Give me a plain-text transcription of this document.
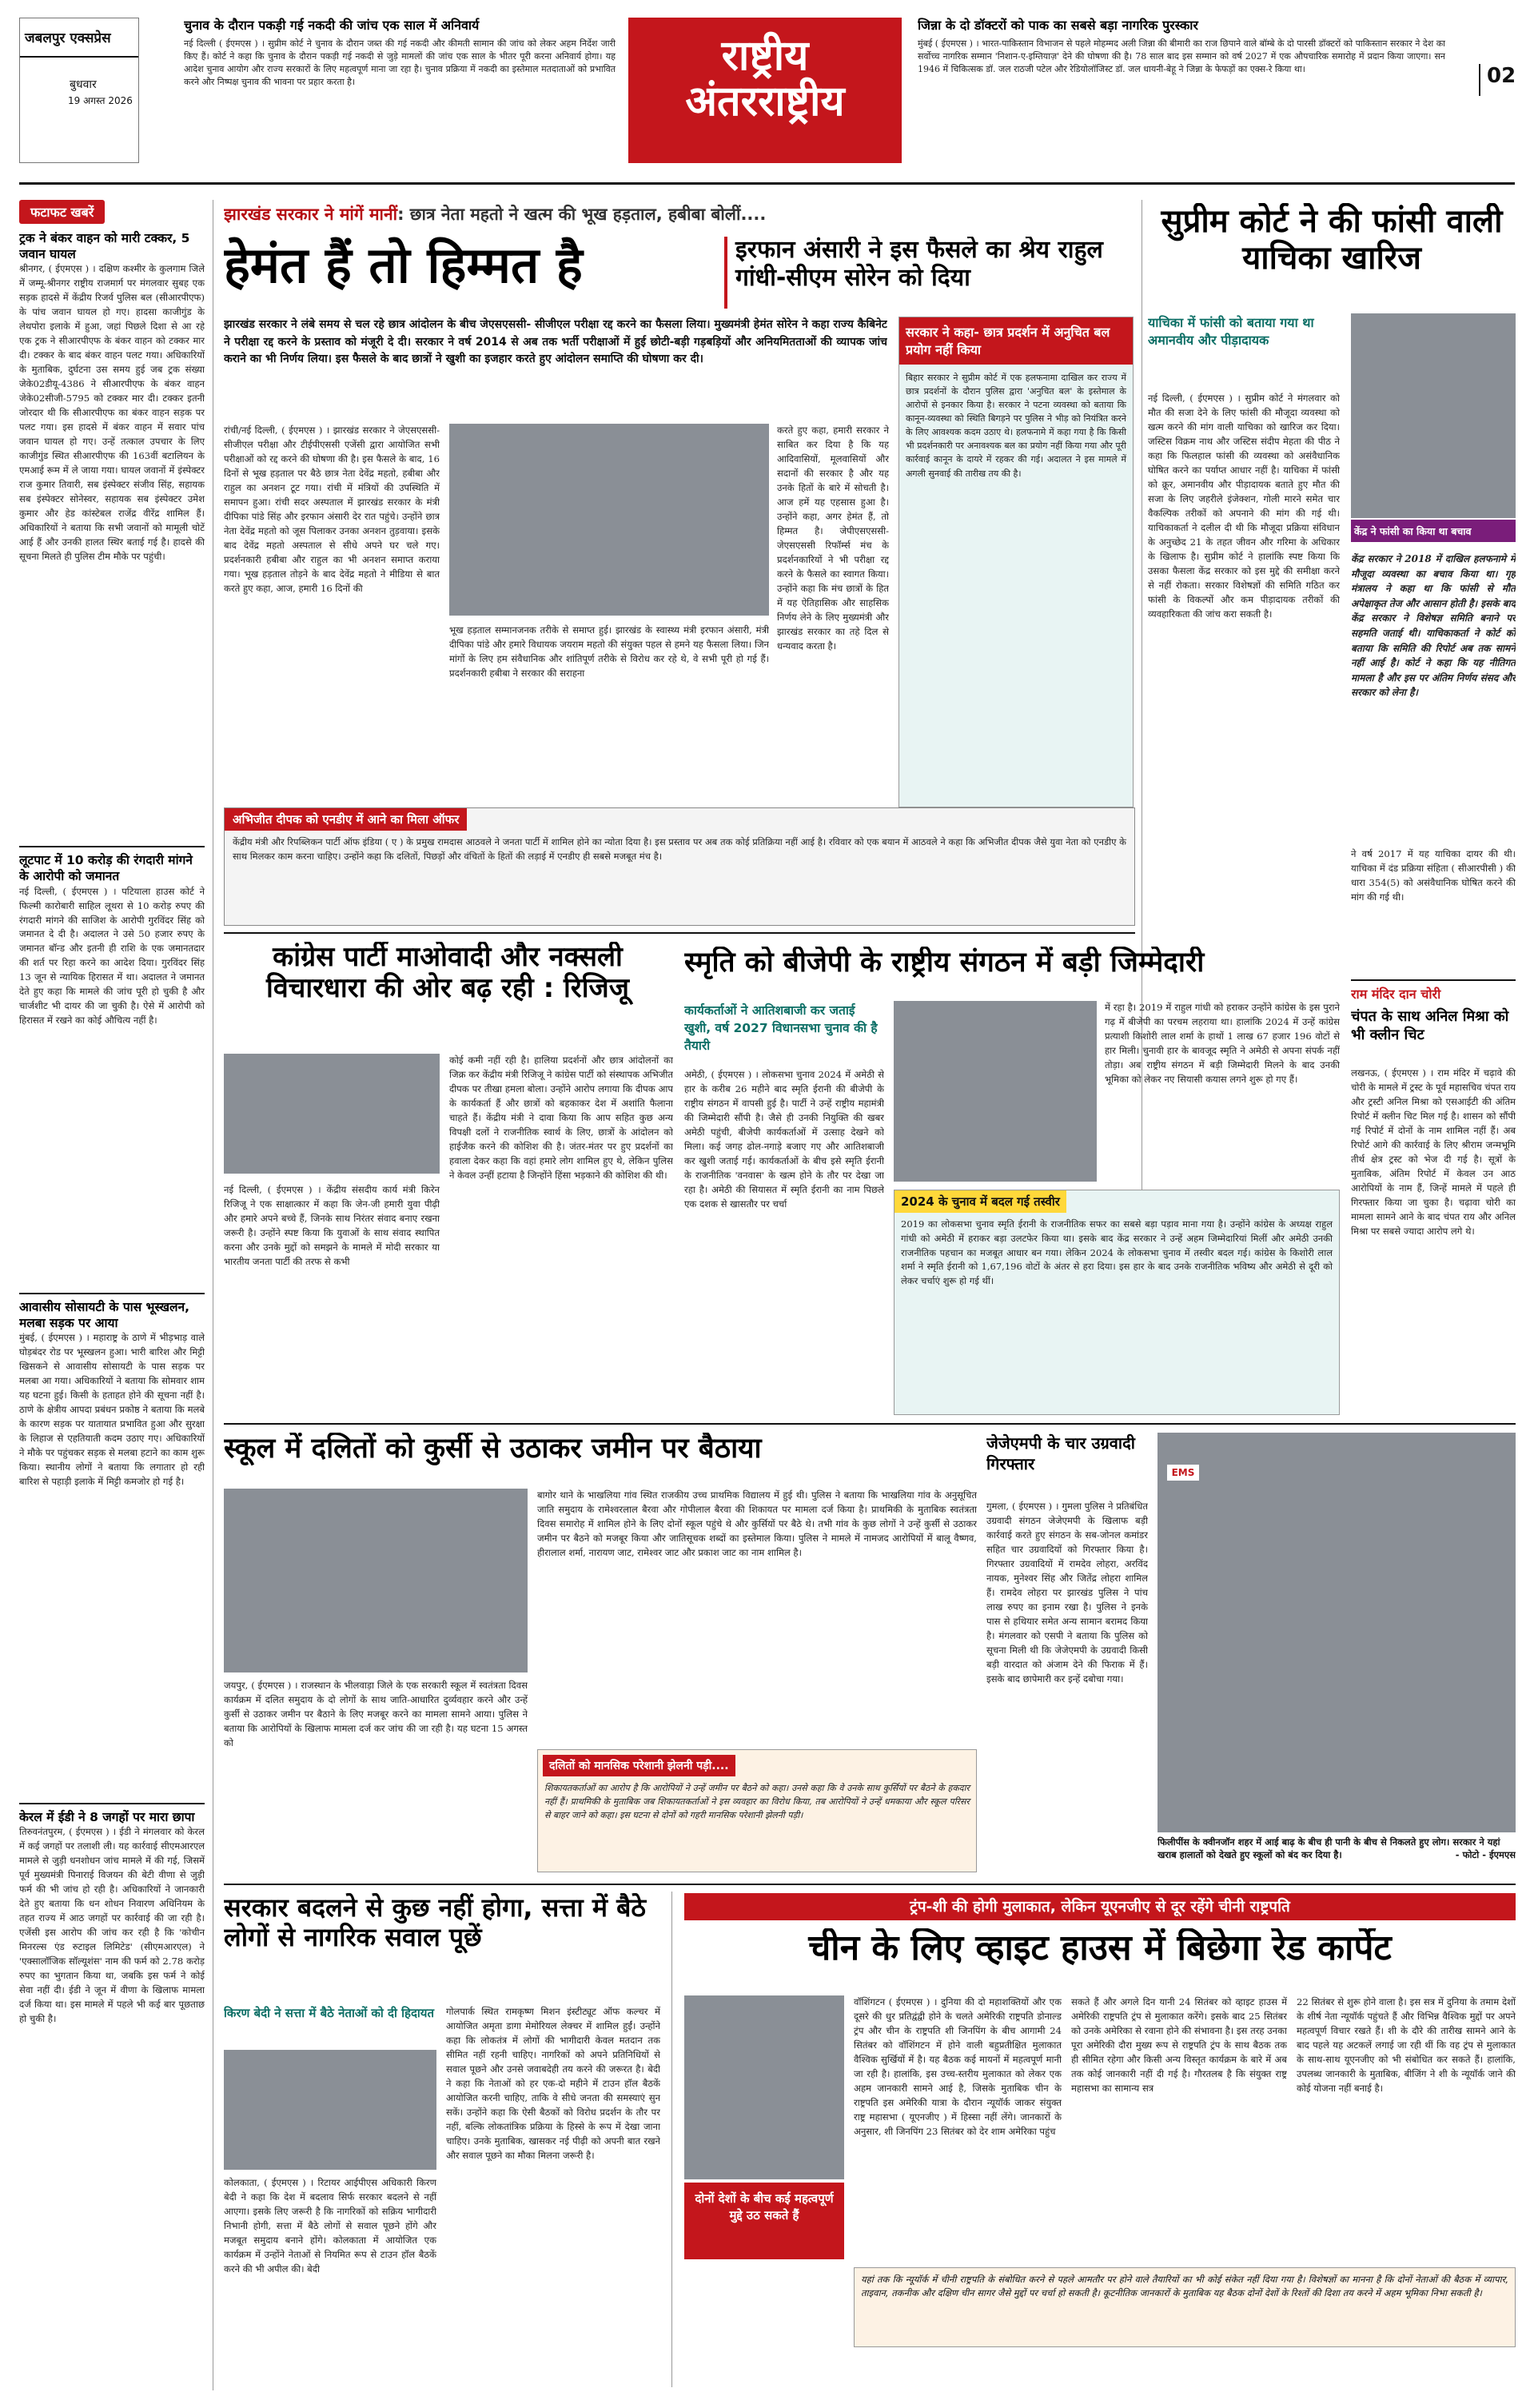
जबलपुर एक्सप्रेस
बुधवार
19 अगस्त 2026
चुनाव के दौरान पकड़ी गई नकदी की जांच एक साल में अनिवार्य
नई दिल्ली ( ईएमएस ) । सुप्रीम कोर्ट ने चुनाव के दौरान जब्त की गई नकदी और कीमती सामान की जांच को लेकर अहम निर्देश जारी किए हैं। कोर्ट ने कहा कि चुनाव के दौरान पकड़ी गई नकदी से जुड़े मामलों की जांच एक साल के भीतर पूरी करना अनिवार्य होगा। यह आदेश चुनाव आयोग और राज्य सरकारों के लिए महत्वपूर्ण माना जा रहा है। चुनाव प्रक्रिया में नकदी का इस्तेमाल मतदाताओं को प्रभावित करने और निष्पक्ष चुनाव की भावना पर प्रहार करता है।
राष्ट्रीय
अंतरराष्ट्रीय
जिन्ना के दो डॉक्टरों को पाक का सबसे बड़ा नागरिक पुरस्कार
मुंबई ( ईएमएस ) । भारत-पाकिस्तान विभाजन से पहले मोहम्मद अली जिन्ना की बीमारी का राज छिपाने वाले बॉम्बे के दो पारसी डॉक्टरों को पाकिस्तान सरकार ने देश का सर्वोच्च नागरिक सम्मान 'निशान-ए-इम्तियाज़' देने की घोषणा की है। 78 साल बाद इस सम्मान को वर्ष 2027 में एक औपचारिक समारोह में प्रदान किया जाएगा। सन 1946 में चिकित्सक डॉ. जल राठजी पटेल और रेडियोलॉजिस्ट डॉ. जल धायनी-बेहू ने जिन्ना के फेफड़ों का एक्स-रे किया था।	02
फटाफट खबरें
ट्रक ने बंकर वाहन को मारी टक्कर, 5 जवान घायल
श्रीनगर, ( ईएमएस ) । दक्षिण कश्मीर के कुलगाम जिले में जम्मू-श्रीनगर राष्ट्रीय राजमार्ग पर मंगलवार सुबह एक सड़क हादसे में केंद्रीय रिजर्व पुलिस बल (सीआरपीएफ) के पांच जवान घायल हो गए। हादसा काजीगुंड के लेथपोरा इलाके में हुआ, जहां पिछले दिशा से आ रहे एक ट्रक ने सीआरपीएफ के बंकर वाहन को टक्कर मार दी। टक्कर के बाद बंकर वाहन पलट गया। अधिकारियों के मुताबिक, दुर्घटना उस समय हुई जब ट्रक संख्या जेके02डीयू-4386 ने सीआरपीएफ के बंकर वाहन जेके02सीजी-5795 को टक्कर मार दी। टक्कर इतनी जोरदार थी कि सीआरपीएफ का बंकर वाहन सड़क पर पलट गया। इस हादसे में बंकर वाहन में सवार पांच जवान घायल हो गए। उन्हें तत्काल उपचार के लिए काजीगुंड स्थित सीआरपीएफ की 163वीं बटालियन के एमआई रूम में ले जाया गया। घायल जवानों में इंस्पेक्टर राज कुमार तिवारी, सब इंस्पेक्टर संजीव सिंह, सहायक सब इंस्पेक्टर सोनेस्वर, सहायक सब इंस्पेक्टर उमेश कुमार और हेड कांस्टेबल राजेंद्र वीरेंद्र शामिल हैं। अधिकारियों ने बताया कि सभी जवानों को मामूली चोटें आई हैं और उनकी हालत स्थिर बताई गई है। हादसे की सूचना मिलते ही पुलिस टीम मौके पर पहुंची।
लूटपाट में 10 करोड़ की रंगदारी मांगने के आरोपी को जमानत
नई दिल्ली, ( ईएमएस ) । पटियाला हाउस कोर्ट ने फिल्मी कारोबारी साहिल लूथरा से 10 करोड़ रुपए की रंगदारी मांगने की साजिश के आरोपी गुरविंदर सिंह को जमानत दे दी है। अदालत ने उसे 50 हजार रुपए के जमानत बॉन्ड और इतनी ही राशि के एक जमानतदार की शर्त पर रिहा करने का आदेश दिया। गुरविंदर सिंह 13 जून से न्यायिक हिरासत में था। अदालत ने जमानत देते हुए कहा कि मामले की जांच पूरी हो चुकी है और चार्जशीट भी दायर की जा चुकी है। ऐसे में आरोपी को हिरासत में रखने का कोई औचित्य नहीं है।
आवासीय सोसायटी के पास भूस्खलन, मलबा सड़क पर आया
मुंबई, ( ईएमएस ) । महाराष्ट्र के ठाणे में भीड़भाड़ वाले घोड़बंदर रोड पर भूस्खलन हुआ। भारी बारिश और मिट्टी खिसकने से आवासीय सोसायटी के पास सड़क पर मलबा आ गया। अधिकारियों ने बताया कि सोमवार शाम यह घटना हुई। किसी के हताहत होने की सूचना नहीं है। ठाणे के क्षेत्रीय आपदा प्रबंधन प्रकोष्ठ ने बताया कि मलबे के कारण सड़क पर यातायात प्रभावित हुआ और सुरक्षा के लिहाज से एहतियाती कदम उठाए गए। अधिकारियों ने मौके पर पहुंचकर सड़क से मलबा हटाने का काम शुरू किया। स्थानीय लोगों ने बताया कि लगातार हो रही बारिश से पहाड़ी इलाके में मिट्टी कमजोर हो गई है।
केरल में ईडी ने 8 जगहों पर मारा छापा
तिरुवनंतपुरम, ( ईएमएस ) । ईडी ने मंगलवार को केरल में कई जगहों पर तलाशी ली। यह कार्रवाई सीएमआरएल मामले से जुड़ी धनशोधन जांच मामले में की गई, जिसमें पूर्व मुख्यमंत्री पिनाराई विजयन की बेटी वीणा से जुड़ी फर्म की भी जांच हो रही है। अधिकारियों ने जानकारी देते हुए बताया कि धन शोधन निवारण अधिनियम के तहत राज्य में आठ जगहों पर कार्रवाई की जा रही है। एजेंसी इस आरोप की जांच कर रही है कि 'कोचीन मिनरल्स एंड रुटाइल लिमिटेड' (सीएमआरएल) ने 'एक्सालॉजिक सॉल्यूशंस' नाम की फर्म को 2.78 करोड़ रुपए का भुगतान किया था, जबकि इस फर्म ने कोई सेवा नहीं दी। ईडी ने जून में वीणा के खिलाफ मामला दर्ज किया था। इस मामले में पहले भी कई बार पूछताछ हो चुकी है।
झारखंड सरकार ने मांगें मानीं: छात्र नेता महतो ने खत्म की भूख हड़ताल, हबीबा बोलीं....
हेमंत हैं तो हिम्मत है	इरफान अंसारी ने इस फैसले का श्रेय राहुल गांधी-सीएम सोरेन को दिया
झारखंड सरकार ने लंबे समय से चल रहे छात्र आंदोलन के बीच जेएसएससी- सीजीएल परीक्षा रद्द करने का फैसला लिया। मुख्यमंत्री हेमंत सोरेन ने कहा राज्य कैबिनेट ने परीक्षा रद्द करने के प्रस्ताव को मंजूरी दे दी। सरकार ने वर्ष 2014 से अब तक भर्ती परीक्षाओं में हुई छोटी-बड़ी गड़बड़ियों और अनियमितताओं की व्यापक जांच कराने का भी निर्णय लिया। इस फैसले के बाद छात्रों ने खुशी का इजहार करते हुए आंदोलन समाप्ति की घोषणा कर दी।
रांची/नई दिल्ली, ( ईएमएस ) । झारखंड सरकार ने जेएसएससी- सीजीएल परीक्षा और टीईपीएससी एजेंसी द्वारा आयोजित सभी परीक्षाओं को रद्द करने की घोषणा की है। इस फैसले के बाद, 16 दिनों से भूख हड़ताल पर बैठे छात्र नेता देवेंद्र महतो, हबीबा और राहुल का अनशन टूट गया। रांची में मंत्रियों की उपस्थिति में समापन हुआ। रांची सदर अस्पताल में झारखंड सरकार के मंत्री दीपिका पांडे सिंह और इरफान अंसारी देर रात पहुंचे। उन्होंने छात्र नेता देवेंद्र महतो को जूस पिलाकर उनका अनशन तुड़वाया। इसके बाद देवेंद्र महतो अस्पताल से सीधे अपने घर चले गए। प्रदर्शनकारी हबीबा और राहुल का भी अनशन समाप्त कराया गया। भूख हड़ताल तोड़ने के बाद देवेंद्र महतो ने मीडिया से बात करते हुए कहा, आज, हमारी 16 दिनों की
भूख हड़ताल सम्मानजनक तरीके से समाप्त हुई। झारखंड के स्वास्थ्य मंत्री इरफान अंसारी, मंत्री दीपिका पांडे और हमारे विधायक जयराम महतो की संयुक्त पहल से हमने यह फैसला लिया। जिन मांगों के लिए हम संवैधानिक और शांतिपूर्ण तरीके से विरोध कर रहे थे, वे सभी पूरी हो गई हैं। प्रदर्शनकारी हबीबा ने सरकार की सराहना
करते हुए कहा, हमारी सरकार ने साबित कर दिया है कि यह आदिवासियों, मूलवासियों और सदानों की सरकार है और यह उनके हितों के बारे में सोचती है। आज हमें यह एहसास हुआ है। उन्होंने कहा, अगर हेमंत हैं, तो हिम्मत है। जेपीएसएससी-जेएसएससी रिफॉर्म्स मंच के प्रदर्शनकारियों ने भी परीक्षा रद्द करने के फैसले का स्वागत किया। उन्होंने कहा कि मंच छात्रों के हित में यह ऐतिहासिक और साहसिक निर्णय लेने के लिए मुख्यमंत्री और झारखंड सरकार का तहे दिल से धन्यवाद करता है।
सरकार ने कहा- छात्र प्रदर्शन में अनुचित बल प्रयोग नहीं किया
बिहार सरकार ने सुप्रीम कोर्ट में एक हलफनामा दाखिल कर राज्य में छात्र प्रदर्शनों के दौरान पुलिस द्वारा 'अनुचित बल' के इस्तेमाल के आरोपों से इनकार किया है। सरकार ने पटना व्यवस्था को बताया कि कानून-व्यवस्था को स्थिति बिगड़ने पर पुलिस ने भीड़ को नियंत्रित करने के लिए आवश्यक कदम उठाए थे। हलफनामे में कहा गया है कि किसी भी प्रदर्शनकारी पर अनावश्यक बल का प्रयोग नहीं किया गया और पूरी कार्रवाई कानून के दायरे में रहकर की गई। अदालत ने इस मामले में अगली सुनवाई की तारीख तय की है।
अभिजीत दीपक को एनडीए में आने का मिला ऑफर
केंद्रीय मंत्री और रिपब्लिकन पार्टी ऑफ इंडिया ( ए ) के प्रमुख रामदास आठवले ने जनता पार्टी में शामिल होने का न्योता दिया है। इस प्रस्ताव पर अब तक कोई प्रतिक्रिया नहीं आई है। रविवार को एक बयान में आठवले ने कहा कि अभिजीत दीपक जैसे युवा नेता को एनडीए के साथ मिलकर काम करना चाहिए। उन्होंने कहा कि दलितों, पिछड़ों और वंचितों के हितों की लड़ाई में एनडीए ही सबसे मजबूत मंच है।
सुप्रीम कोर्ट ने की फांसी वाली याचिका खारिज
याचिका में फांसी को बताया गया था अमानवीय और पीड़ादायक
नई दिल्ली, ( ईएमएस ) । सुप्रीम कोर्ट ने मंगलवार को मौत की सजा देने के लिए फांसी की मौजूदा व्यवस्था को खत्म करने की मांग वाली याचिका को खारिज कर दिया। जस्टिस विक्रम नाथ और जस्टिस संदीप मेहता की पीठ ने कहा कि फिलहाल फांसी की व्यवस्था को असंवैधानिक घोषित करने का पर्याप्त आधार नहीं है। याचिका में फांसी को क्रूर, अमानवीय और पीड़ादायक बताते हुए मौत की सजा के लिए जहरीले इंजेक्शन, गोली मारने समेत चार वैकल्पिक तरीकों को अपनाने की मांग की गई थी। याचिकाकर्ता ने दलील दी थी कि मौजूदा प्रक्रिया संविधान के अनुच्छेद 21 के तहत जीवन और गरिमा के अधिकार के खिलाफ है। सुप्रीम कोर्ट ने हालांकि स्पष्ट किया कि उसका फैसला केंद्र सरकार को इस मुद्दे की समीक्षा करने से नहीं रोकता। सरकार विशेषज्ञों की समिति गठित कर फांसी के विकल्पों और कम पीड़ादायक तरीकों की व्यवहारिकता की जांच करा सकती है।
केंद्र ने फांसी का किया था बचाव
केंद्र सरकार ने 2018 में दाखिल हलफनामे में मौजूदा व्यवस्था का बचाव किया था। गृह मंत्रालय ने कहा था कि फांसी से मौत अपेक्षाकृत तेज और आसान होती है। इसके बाद केंद्र सरकार ने विशेषज्ञ समिति बनाने पर सहमति जताई थी। याचिकाकर्ता ने कोर्ट को बताया कि समिति की रिपोर्ट अब तक सामने नहीं आई है। कोर्ट ने कहा कि यह नीतिगत मामला है और इस पर अंतिम निर्णय संसद और सरकार को लेना है।
ने वर्ष 2017 में यह याचिका दायर की थी। याचिका में दंड प्रक्रिया संहिता ( सीआरपीसी ) की धारा 354(5) को असंवैधानिक घोषित करने की मांग की गई थी।
राम मंदिर दान चोरी
चंपत के साथ अनिल मिश्रा को भी क्लीन चिट
लखनऊ, ( ईएमएस ) । राम मंदिर में चढ़ावे की चोरी के मामले में ट्रस्ट के पूर्व महासचिव चंपत राय और ट्रस्टी अनिल मिश्रा को एसआईटी की अंतिम रिपोर्ट में क्लीन चिट मिल गई है। शासन को सौंपी गई रिपोर्ट में दोनों के नाम शामिल नहीं हैं। अब रिपोर्ट आगे की कार्रवाई के लिए श्रीराम जन्मभूमि तीर्थ क्षेत्र ट्रस्ट को भेज दी गई है। सूत्रों के मुताबिक, अंतिम रिपोर्ट में केवल उन आठ आरोपियों के नाम हैं, जिन्हें मामले में पहले ही गिरफ्तार किया जा चुका है। चढ़ावा चोरी का मामला सामने आने के बाद चंपत राय और अनिल मिश्रा पर सबसे ज्यादा आरोप लगे थे।
कांग्रेस पार्टी माओवादी और नक्सली विचारधारा की ओर बढ़ रही : रिजिजू
नई दिल्ली, ( ईएमएस ) । केंद्रीय संसदीय कार्य मंत्री किरेन रिजिजू ने एक साक्षात्कार में कहा कि जेन-जी हमारी युवा पीढ़ी और हमारे अपने बच्चे हैं, जिनके साथ निरंतर संवाद बनाए रखना जरूरी है। उन्होंने स्पष्ट किया कि युवाओं के साथ संवाद स्थापित करना और उनके मुद्दों को समझने के मामले में मोदी सरकार या भारतीय जनता पार्टी की तरफ से कभी
कोई कमी नहीं रही है। हालिया प्रदर्शनों और छात्र आंदोलनों का जिक्र कर केंद्रीय मंत्री रिजिजू ने कांग्रेस पार्टी को संस्थापक अभिजीत दीपक पर तीखा हमला बोला। उन्होंने आरोप लगाया कि दीपक आप के कार्यकर्ता हैं और छात्रों को बहकाकर देश में अशांति फैलाना चाहते हैं। केंद्रीय मंत्री ने दावा किया कि आप सहित कुछ अन्य विपक्षी दलों ने राजनीतिक स्वार्थ के लिए, छात्रों के आंदोलन को हाईजैक करने की कोशिश की है। जंतर-मंतर पर हुए प्रदर्शनों का हवाला देकर कहा कि वहां हमारे लोग शामिल हुए थे, लेकिन पुलिस ने केवल उन्हीं हटाया है जिन्होंने हिंसा भड़काने की कोशिश की थी।
स्मृति को बीजेपी के राष्ट्रीय संगठन में बड़ी जिम्मेदारी
कार्यकर्ताओं ने आतिशबाजी कर जताई खुशी, वर्ष 2027 विधानसभा चुनाव की है तैयारी
अमेठी, ( ईएमएस ) । लोकसभा चुनाव 2024 में अमेठी से हार के करीब 26 महीने बाद स्मृति ईरानी की बीजेपी के राष्ट्रीय संगठन में वापसी हुई है। पार्टी ने उन्हें राष्ट्रीय महामंत्री की जिम्मेदारी सौंपी है। जैसे ही उनकी नियुक्ति की खबर अमेठी पहुंची, बीजेपी कार्यकर्ताओं में उत्साह देखने को मिला। कई जगह ढोल-नगाड़े बजाए गए और आतिशबाजी कर खुशी जताई गई। कार्यकर्ताओं के बीच इसे स्मृति ईरानी के राजनीतिक 'वनवास' के खत्म होने के तौर पर देखा जा रहा है। अमेठी की सियासत में स्मृति ईरानी का नाम पिछले एक दशक से खासतौर पर चर्चा
में रहा है। 2019 में राहुल गांधी को हराकर उन्होंने कांग्रेस के इस पुराने गढ़ में बीजेपी का परचम लहराया था। हालांकि 2024 में उन्हें कांग्रेस प्रत्याशी किशोरी लाल शर्मा के हाथों 1 लाख 67 हजार 196 वोटों से हार मिली। चुनावी हार के बावजूद स्मृति ने अमेठी से अपना संपर्क नहीं तोड़ा। अब राष्ट्रीय संगठन में बड़ी जिम्मेदारी मिलने के बाद उनकी भूमिका को लेकर नए सियासी कयास लगने शुरू हो गए हैं।
2024 के चुनाव में बदल गई तस्वीर
2019 का लोकसभा चुनाव स्मृति ईरानी के राजनीतिक सफर का सबसे बड़ा पड़ाव माना गया है। उन्होंने कांग्रेस के अध्यक्ष राहुल गांधी को अमेठी में हराकर बड़ा उलटफेर किया था। इसके बाद केंद्र सरकार ने उन्हें अहम जिम्मेदारियां मिलीं और अमेठी उनकी राजनीतिक पहचान का मजबूत आधार बन गया। लेकिन 2024 के लोकसभा चुनाव में तस्वीर बदल गई। कांग्रेस के किशोरी लाल शर्मा ने स्मृति ईरानी को 1,67,196 वोटों के अंतर से हरा दिया। इस हार के बाद उनके राजनीतिक भविष्य और अमेठी से दूरी को लेकर चर्चाएं शुरू हो गई थीं।
स्कूल में दलितों को कुर्सी से उठाकर जमीन पर बैठाया
जयपुर, ( ईएमएस ) । राजस्थान के भीलवाड़ा जिले के एक सरकारी स्कूल में स्वतंत्रता दिवस कार्यक्रम में दलित समुदाय के दो लोगों के साथ जाति-आधारित दुर्व्यवहार करने और उन्हें कुर्सी से उठाकर जमीन पर बैठाने के लिए मजबूर करने का मामला सामने आया। पुलिस ने बताया कि आरोपियों के खिलाफ मामला दर्ज कर जांच की जा रही है। यह घटना 15 अगस्त को
बागोर थाने के भाखलिया गांव स्थित राजकीय उच्च प्राथमिक विद्यालय में हुई थी। पुलिस ने बताया कि भाखलिया गांव के अनुसूचित जाति समुदाय के रामेश्वरलाल बैरवा और गोपीलाल बैरवा की शिकायत पर मामला दर्ज किया है। प्राथमिकी के मुताबिक स्वतंत्रता दिवस समारोह में शामिल होने के लिए दोनों स्कूल पहुंचे थे और कुर्सियों पर बैठे थे। तभी गांव के कुछ लोगों ने उन्हें कुर्सी से उठाकर जमीन पर बैठने को मजबूर किया और जातिसूचक शब्दों का इस्तेमाल किया। पुलिस ने मामले में नामजद आरोपियों में बालू वैष्णव, हीरालाल शर्मा, नारायण जाट, रामेश्वर जाट और प्रकाश जाट का नाम शामिल है।
दलितों को मानसिक परेशानी झेलनी पड़ी....
शिकायतकर्ताओं का आरोप है कि आरोपियों ने उन्हें जमीन पर बैठने को कहा। उनसे कहा कि वे उनके साथ कुर्सियों पर बैठने के हकदार नहीं हैं। प्राथमिकी के मुताबिक जब शिकायतकर्ताओं ने इस व्यवहार का विरोध किया, तब आरोपियों ने उन्हें धमकाया और स्कूल परिसर से बाहर जाने को कहा। इस घटना से दोनों को गहरी मानसिक परेशानी झेलनी पड़ी।
जेजेएमपी के चार उग्रवादी गिरफ्तार
गुमला, ( ईएमएस ) । गुमला पुलिस ने प्रतिबंधित उग्रवादी संगठन जेजेएमपी के खिलाफ बड़ी कार्रवाई करते हुए संगठन के सब-जोनल कमांडर सहित चार उग्रवादियों को गिरफ्तार किया है। गिरफ्तार उग्रवादियों में रामदेव लोहरा, अरविंद नायक, मुनेश्वर सिंह और जितेंद्र लोहरा शामिल हैं। रामदेव लोहरा पर झारखंड पुलिस ने पांच लाख रुपए का इनाम रखा है। पुलिस ने इनके पास से हथियार समेत अन्य सामान बरामद किया है। मंगलवार को एसपी ने बताया कि पुलिस को सूचना मिली थी कि जेजेएमपी के उग्रवादी किसी बड़ी वारदात को अंजाम देने की फिराक में हैं। इसके बाद छापेमारी कर इन्हें दबोचा गया।
EMS
फिलीपींस के क्वीनजॉन शहर में आई बाढ़ के बीच ही पानी के बीच से निकलते हुए लोग। सरकार ने यहां खराब हालातों को देखते हुए स्कूलों को बंद कर दिया है।	- फोटो - ईएमएस
सरकार बदलने से कुछ नहीं होगा, सत्ता में बैठे लोगों से नागरिक सवाल पूछें
किरण बेदी ने सत्ता में बैठे नेताओं को दी हिदायत
कोलकाता, ( ईएमएस ) । रिटायर आईपीएस अधिकारी किरण बेदी ने कहा कि देश में बदलाव सिर्फ सरकार बदलने से नहीं आएगा। इसके लिए जरूरी है कि नागरिकों को सक्रिय भागीदारी निभानी होगी, सत्ता में बैठे लोगों से सवाल पूछने होंगे और मजबूत समुदाय बनाने होंगे। कोलकाता में आयोजित एक कार्यक्रम में उन्होंने नेताओं से नियमित रूप से टाउन हॉल बैठकें करने की भी अपील की। बेदी
गोलपार्क स्थित रामकृष्ण मिशन इंस्टीट्यूट ऑफ कल्चर में आयोजित अमृता डागा मेमोरियल लेक्चर में शामिल हुईं। उन्होंने कहा कि लोकतंत्र में लोगों की भागीदारी केवल मतदान तक सीमित नहीं रहनी चाहिए। नागरिकों को अपने प्रतिनिधियों से सवाल पूछने और उनसे जवाबदेही तय करने की जरूरत है। बेदी ने कहा कि नेताओं को हर एक-दो महीने में टाउन हॉल बैठकें आयोजित करनी चाहिए, ताकि वे सीधे जनता की समस्याएं सुन सकें। उन्होंने कहा कि ऐसी बैठकों को विरोध प्रदर्शन के तौर पर नहीं, बल्कि लोकतांत्रिक प्रक्रिया के हिस्से के रूप में देखा जाना चाहिए। उनके मुताबिक, खासकर नई पीढ़ी को अपनी बात रखने और सवाल पूछने का मौका मिलना जरूरी है।
ट्रंप-शी की होगी मुलाकात, लेकिन यूएनजीए से दूर रहेंगे चीनी राष्ट्रपति
चीन के लिए व्हाइट हाउस में बिछेगा रेड कार्पेट
दोनों देशों के बीच कई महत्वपूर्ण मुद्दे उठ सकते हैं
वॉशिंगटन ( ईएमएस ) । दुनिया की दो महाशक्तियों और एक दूसरे की धुर प्रतिद्वंद्वी होने के चलते अमेरिकी राष्ट्रपति डोनाल्ड ट्रंप और चीन के राष्ट्रपति शी जिनपिंग के बीच आगामी 24 सितंबर को वॉशिंगटन में होने वाली बहुप्रतीक्षित मुलाकात वैश्विक सुर्खियों में है। यह बैठक कई मायनों में महत्वपूर्ण मानी जा रही है। हालांकि, इस उच्च-स्तरीय मुलाकात को लेकर एक अहम जानकारी सामने आई है, जिसके मुताबिक चीन के राष्ट्रपति इस अमेरिकी यात्रा के दौरान न्यूयॉर्क जाकर संयुक्त राष्ट्र महासभा ( यूएनजीए ) में हिस्सा नहीं लेंगे। जानकारों के अनुसार, शी जिनपिंग 23 सितंबर को देर शाम अमेरिका पहुंच
सकते हैं और अगले दिन यानी 24 सितंबर को व्हाइट हाउस में अमेरिकी राष्ट्रपति ट्रंप से मुलाकात करेंगे। इसके बाद 25 सितंबर को उनके अमेरिका से रवाना होने की संभावना है। इस तरह उनका पूरा अमेरिकी दौरा मुख्य रूप से राष्ट्रपति ट्रंप के साथ बैठक तक ही सीमित रहेगा और किसी अन्य विस्तृत कार्यक्रम के बारे में अब तक कोई जानकारी नहीं दी गई है। गौरतलब है कि संयुक्त राष्ट्र महासभा का सामान्य सत्र
22 सितंबर से शुरू होने वाला है। इस सत्र में दुनिया के तमाम देशों के शीर्ष नेता न्यूयॉर्क पहुंचते हैं और विभिन्न वैश्विक मुद्दों पर अपने महत्वपूर्ण विचार रखते हैं। शी के दौरे की तारीख सामने आने के बाद पहले यह अटकलें लगाई जा रही थीं कि वह ट्रंप से मुलाकात के साथ-साथ यूएनजीए को भी संबोधित कर सकते हैं। हालांकि, उपलब्ध जानकारी के मुताबिक, बीजिंग ने शी के न्यूयॉर्क जाने की कोई योजना नहीं बनाई है।
यहां तक कि न्यूयॉर्क में चीनी राष्ट्रपति के संबोधित करने से पहले आमतौर पर होने वाले तैयारियों का भी कोई संकेत नहीं दिया गया है। विशेषज्ञों का मानना है कि दोनों नेताओं की बैठक में व्यापार, ताइवान, तकनीक और दक्षिण चीन सागर जैसे मुद्दों पर चर्चा हो सकती है। कूटनीतिक जानकारों के मुताबिक यह बैठक दोनों देशों के रिश्तों की दिशा तय करने में अहम भूमिका निभा सकती है।
